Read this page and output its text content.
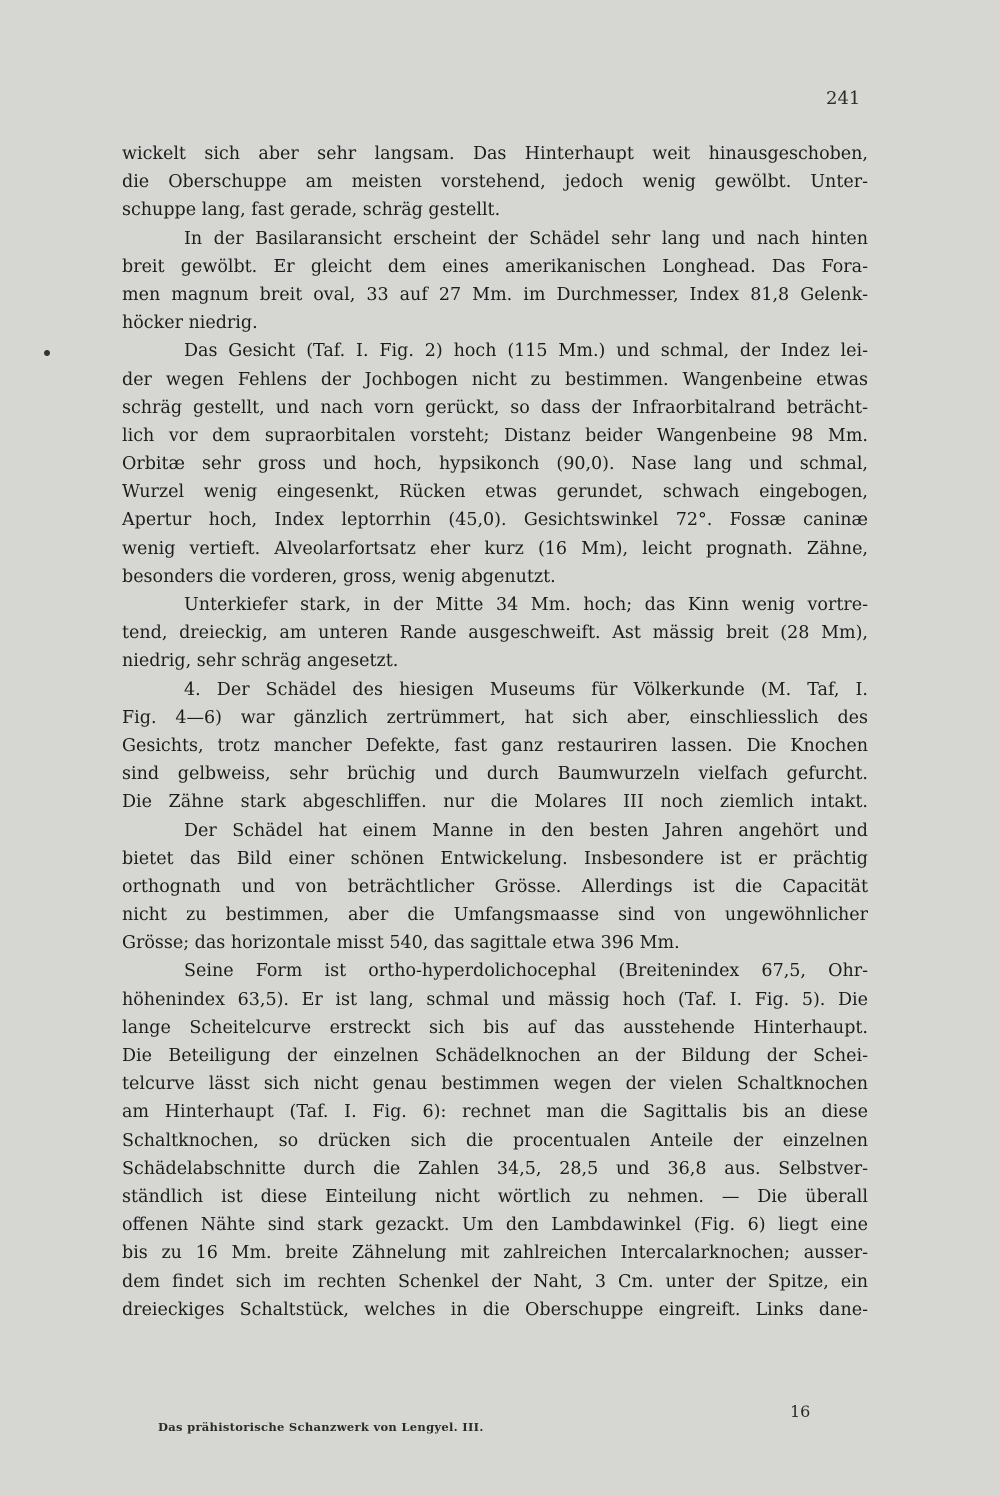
241
wickelt sich aber sehr langsam. Das Hinterhaupt weit hinausgeschoben,
die Oberschuppe am meisten vorstehend, jedoch wenig gewölbt. Unter-
schuppe lang, fast gerade, schräg gestellt.
In der Basilaransicht erscheint der Schädel sehr lang und nach hinten
breit gewölbt. Er gleicht dem eines amerikanischen Longhead. Das Fora-
men magnum breit oval, 33 auf 27 Mm. im Durchmesser, Index 81,8 Gelenk-
höcker niedrig.
Das Gesicht (Taf. I. Fig. 2) hoch (115 Mm.) und schmal, der Indez lei-
der wegen Fehlens der Jochbogen nicht zu bestimmen. Wangenbeine etwas
schräg gestellt, und nach vorn gerückt, so dass der Infraorbitalrand beträcht-
lich vor dem supraorbitalen vorsteht; Distanz beider Wangenbeine 98 Mm.
Orbitæ sehr gross und hoch, hypsikonch (90,0). Nase lang und schmal,
Wurzel wenig eingesenkt, Rücken etwas gerundet, schwach eingebogen,
Apertur hoch, Index leptorrhin (45,0). Gesichtswinkel 72°. Fossæ caninæ
wenig vertieft. Alveolarfortsatz eher kurz (16 Mm), leicht prognath. Zähne,
besonders die vorderen, gross, wenig abgenutzt.
Unterkiefer stark, in der Mitte 34 Mm. hoch; das Kinn wenig vortre-
tend, dreieckig, am unteren Rande ausgeschweift. Ast mässig breit (28 Mm),
niedrig, sehr schräg angesetzt.
4. Der Schädel des hiesigen Museums für Völkerkunde (M. Taf, I.
Fig. 4—6) war gänzlich zertrümmert, hat sich aber, einschliesslich des
Gesichts, trotz mancher Defekte, fast ganz restauriren lassen. Die Knochen
sind gelbweiss, sehr brüchig und durch Baumwurzeln vielfach gefurcht.
Die Zähne stark abgeschliffen. nur die Molares III noch ziemlich intakt.
Der Schädel hat einem Manne in den besten Jahren angehört und
bietet das Bild einer schönen Entwickelung. Insbesondere ist er prächtig
orthognath und von beträchtlicher Grösse. Allerdings ist die Capacität
nicht zu bestimmen, aber die Umfangsmaasse sind von ungewöhnlicher
Grösse; das horizontale misst 540, das sagittale etwa 396 Mm.
Seine Form ist ortho-hyperdolichocephal (Breitenindex 67,5, Ohr-
höhenindex 63,5). Er ist lang, schmal und mässig hoch (Taf. I. Fig. 5). Die
lange Scheitelcurve erstreckt sich bis auf das ausstehende Hinterhaupt.
Die Beteiligung der einzelnen Schädelknochen an der Bildung der Schei-
telcurve lässt sich nicht genau bestimmen wegen der vielen Schaltknochen
am Hinterhaupt (Taf. I. Fig. 6): rechnet man die Sagittalis bis an diese
Schaltknochen, so drücken sich die procentualen Anteile der einzelnen
Schädelabschnitte durch die Zahlen 34,5, 28,5 und 36,8 aus. Selbstver-
ständlich ist diese Einteilung nicht wörtlich zu nehmen. — Die überall
offenen Nähte sind stark gezackt. Um den Lambdawinkel (Fig. 6) liegt eine
bis zu 16 Mm. breite Zähnelung mit zahlreichen Intercalarknochen; ausser-
dem findet sich im rechten Schenkel der Naht, 3 Cm. unter der Spitze, ein
dreieckiges Schaltstück, welches in die Oberschuppe eingreift. Links dane-
Das prähistorische Schanzwerk von Lengyel. III.
16
